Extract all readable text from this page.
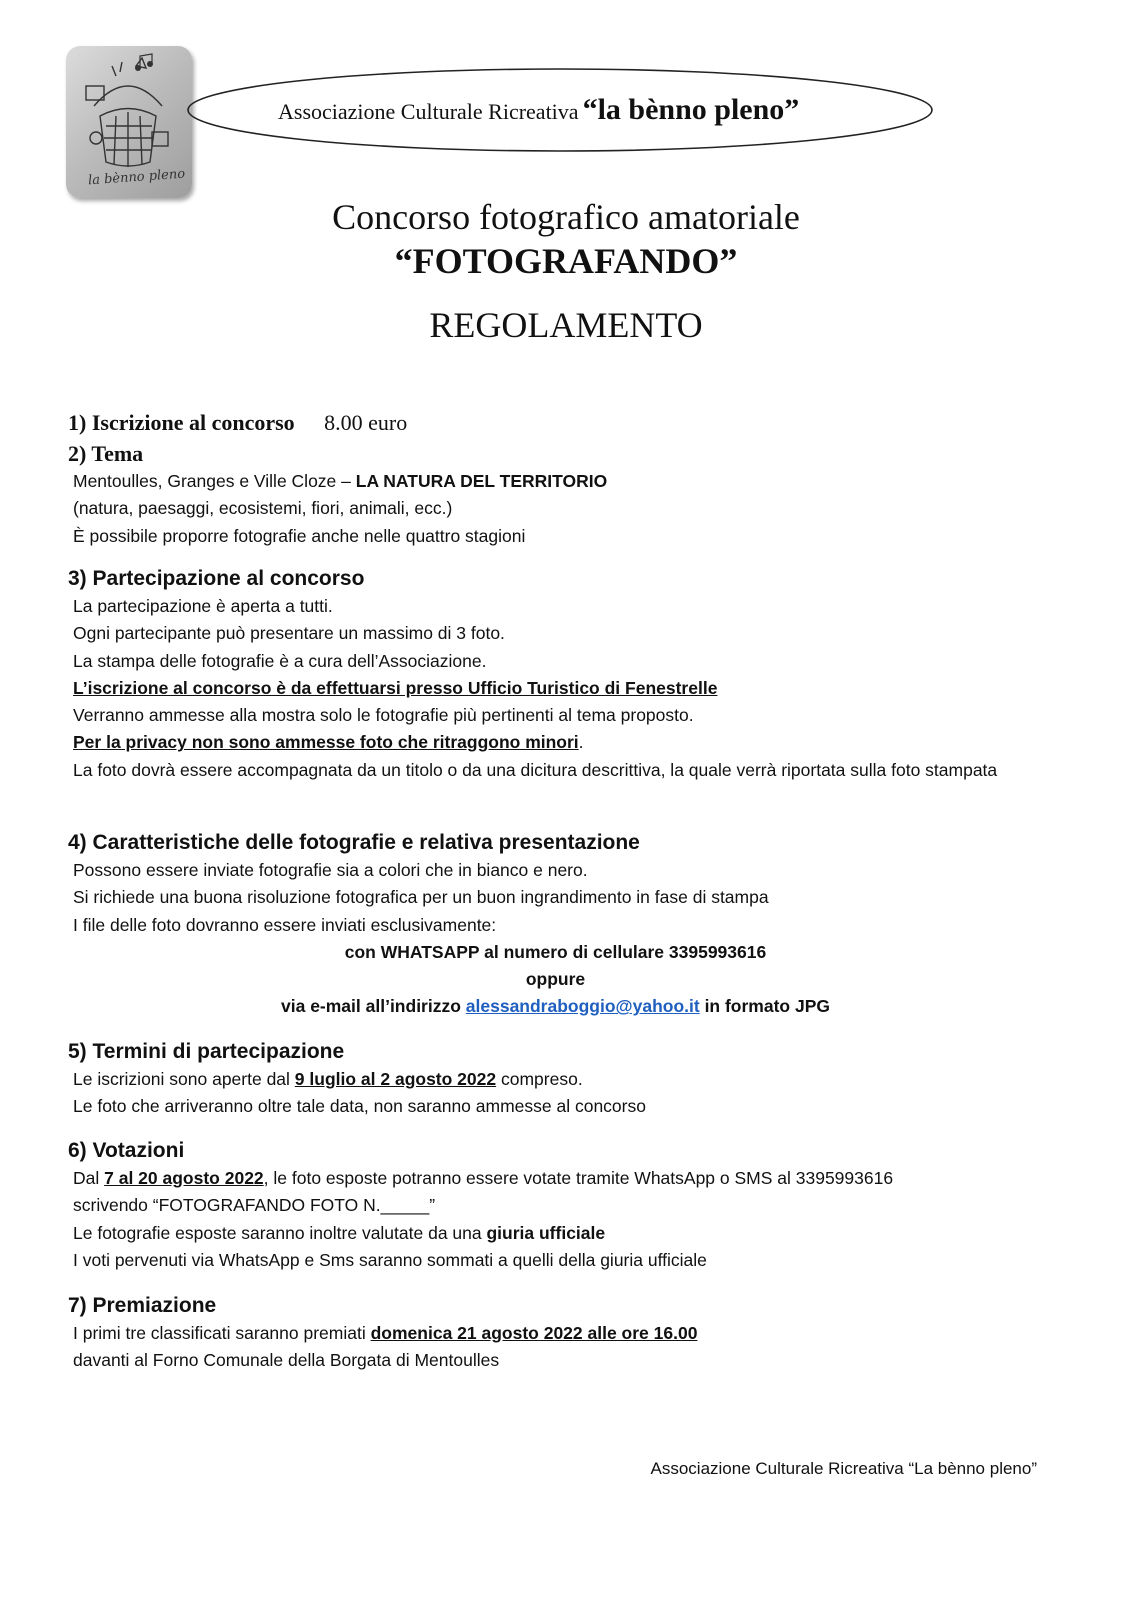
la bènno pleno
Associazione Culturale Ricreativa “la bènno pleno”
Concorso fotografico amatoriale
“FOTOGRAFANDO”
REGOLAMENTO

1) Iscrizione al concorso 8.00 euro

2) Tema

Mentoulles, Granges e Ville Cloze – LA NATURA DEL TERRITORIO
(natura, paesaggi, ecosistemi, fiori, animali, ecc.)
È possibile proporre fotografie anche nelle quattro stagioni

3) Partecipazione al concorso

La partecipazione è aperta a tutti.
Ogni partecipante può presentare un massimo di 3 foto.
La stampa delle fotografie è a cura dell’Associazione.
L’iscrizione al concorso è da effettuarsi presso Ufficio Turistico di Fenestrelle
Verranno ammesse alla mostra solo le fotografie più pertinenti al tema proposto.
Per la privacy non sono ammesse foto che ritraggono minori.
La foto dovrà essere accompagnata da un titolo o da una dicitura descrittiva, la quale verrà riportata sulla foto stampata

4) Caratteristiche delle fotografie e relativa presentazione

Possono essere inviate fotografie sia a colori che in bianco e nero.
Si richiede una buona risoluzione fotografica per un buon ingrandimento in fase di stampa
I file delle foto dovranno essere inviati esclusivamente:
con WHATSAPP al numero di cellulare 3395993616
oppure
via e-mail all’indirizzo alessandraboggio@yahoo.it in formato JPG

5) Termini di partecipazione

Le iscrizioni sono aperte dal 9 luglio al 2 agosto 2022 compreso.
Le foto che arriveranno oltre tale data, non saranno ammesse al concorso

6) Votazioni

Dal 7 al 20 agosto 2022, le foto esposte potranno essere votate tramite WhatsApp o SMS al 3395993616
scrivendo “FOTOGRAFANDO FOTO N._____”
Le fotografie esposte saranno inoltre valutate da una giuria ufficiale
I voti pervenuti via WhatsApp e Sms saranno sommati a quelli della giuria ufficiale

7) Premiazione

I primi tre classificati saranno premiati domenica 21 agosto 2022 alle ore 16.00
davanti al Forno Comunale della Borgata di Mentoulles
Associazione Culturale Ricreativa “La bènno pleno”
